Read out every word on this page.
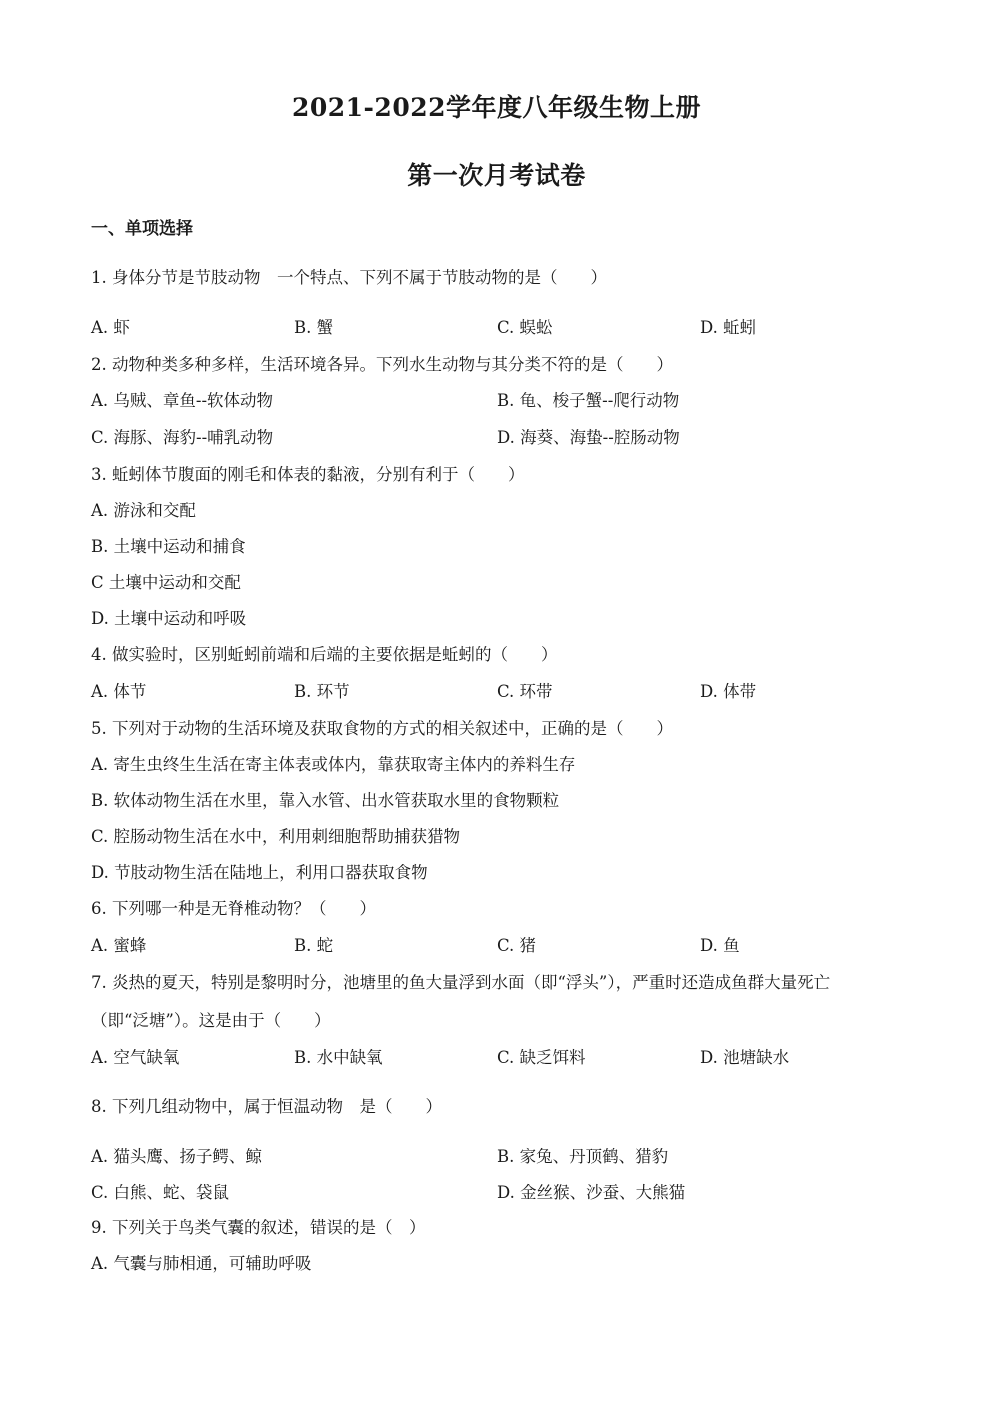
2021-2022学年度八年级生物上册
第一次月考试卷
一、单项选择
1. 身体分节是节肢动物　一个特点、下列不属于节肢动物的是（　　）
A. 虾	B. 蟹	C. 蜈蚣	D. 蚯蚓
2. 动物种类多种多样，生活环境各异。下列水生动物与其分类不符的是（　　）
A. 乌贼、章鱼--软体动物	B. 龟、梭子蟹--爬行动物
C. 海豚、海豹--哺乳动物	D. 海葵、海蛰--腔肠动物
3. 蚯蚓体节腹面的刚毛和体表的黏液，分别有利于（　　）
A. 游泳和交配
B. 土壤中运动和捕食
C 土壤中运动和交配
D. 土壤中运动和呼吸
4. 做实验时，区别蚯蚓前端和后端的主要依据是蚯蚓的（　　）
A. 体节	B. 环节	C. 环带	D. 体带
5. 下列对于动物的生活环境及获取食物的方式的相关叙述中，正确的是（　　）
A. 寄生虫终生生活在寄主体表或体内，靠获取寄主体内的养料生存
B. 软体动物生活在水里，靠入水管、出水管获取水里的食物颗粒
C. 腔肠动物生活在水中，利用刺细胞帮助捕获猎物
D. 节肢动物生活在陆地上，利用口器获取食物
6. 下列哪一种是无脊椎动物？（　　）
A. 蜜蜂	B. 蛇	C. 猪	D. 鱼
7. 炎热的夏天，特别是黎明时分，池塘里的鱼大量浮到水面（即“浮头”），严重时还造成鱼群大量死亡
（即“泛塘”）。这是由于（　　）
A. 空气缺氧	B. 水中缺氧	C. 缺乏饵料	D. 池塘缺水
8. 下列几组动物中，属于恒温动物　是（　　）
A. 猫头鹰、扬子鳄、鲸	B. 家兔、丹顶鹤、猎豹
C. 白熊、蛇、袋鼠	D. 金丝猴、沙蚕、大熊猫
9. 下列关于鸟类气囊的叙述，错误的是（　）
A. 气囊与肺相通，可辅助呼吸
